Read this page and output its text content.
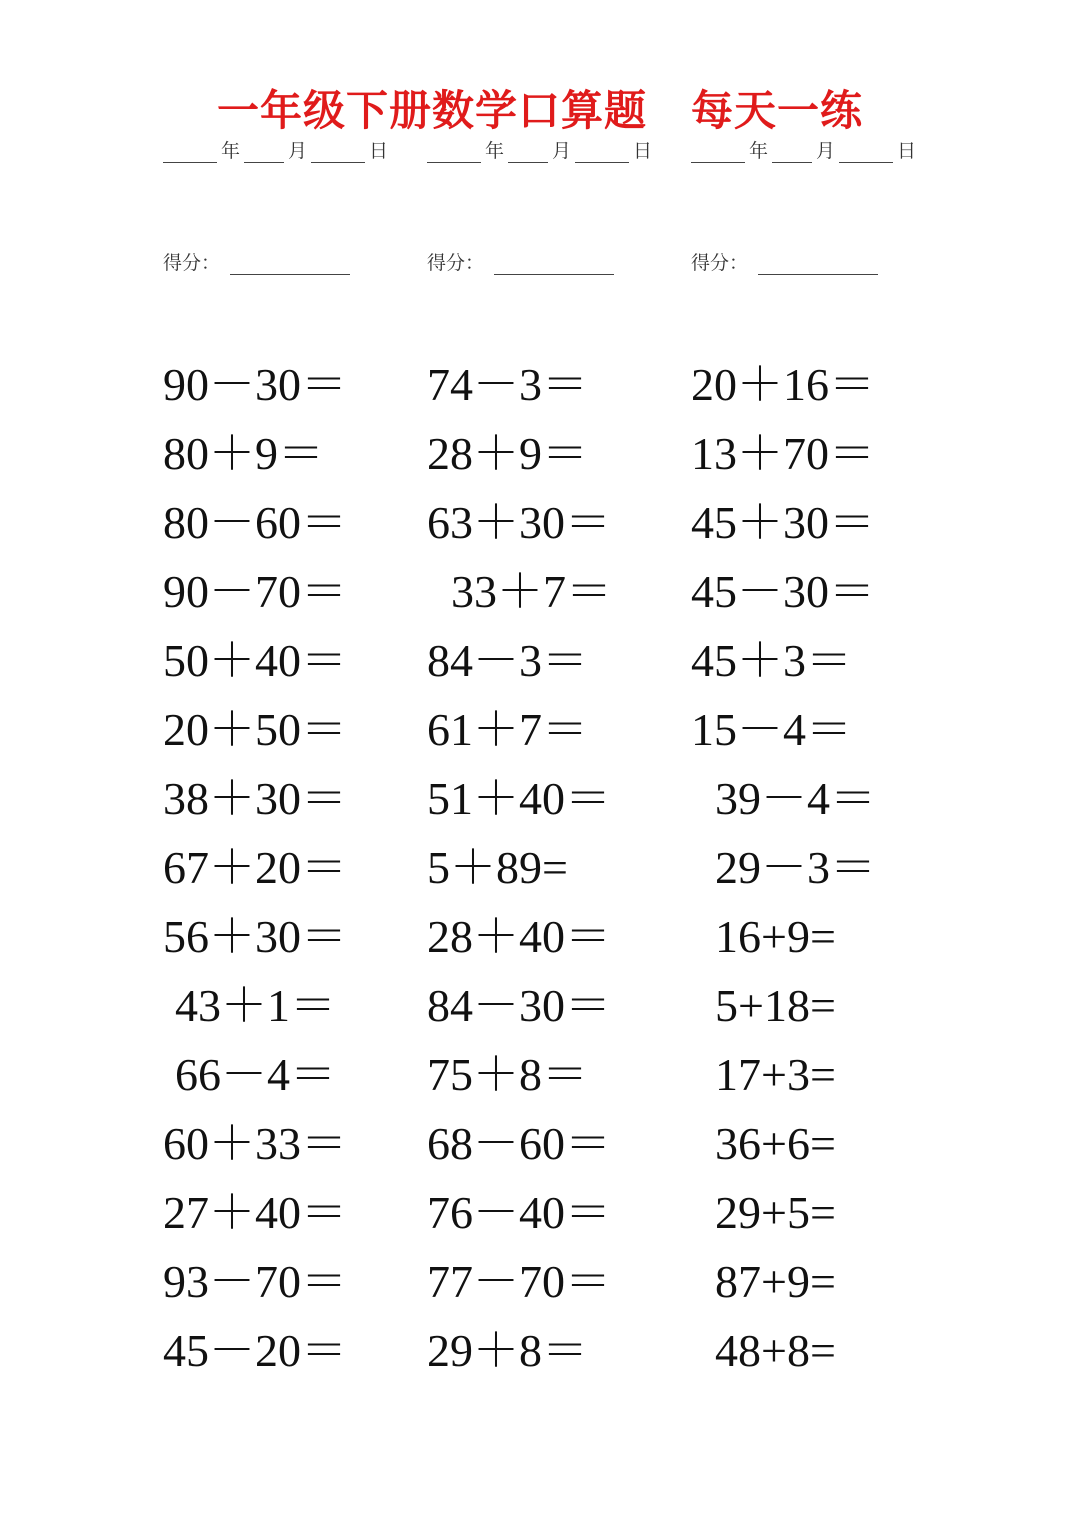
一年级下册数学口算题 每天一练
年	月	日	年	月	日	年	月	日
得分：	得分：	得分：
90－30＝
80＋9＝
80－60＝
90－70＝
50＋40＝
20＋50＝
38＋30＝
67＋20＝
56＋30＝
43＋1＝
66－4＝
60＋33＝
27＋40＝
93－70＝
45－20＝
74－3＝
28＋9＝
63＋30＝
33＋7＝
84－3＝
61＋7＝
51＋40＝
5＋89=
28＋40＝
84－30＝
75＋8＝
68－60＝
76－40＝
77－70＝
29＋8＝
20＋16＝
13＋70＝
45＋30＝
45－30＝
45＋3＝
15－4＝
39－4＝
29－3＝
16+9=
5+18=
17+3=
36+6=
29+5=
87+9=
48+8=
